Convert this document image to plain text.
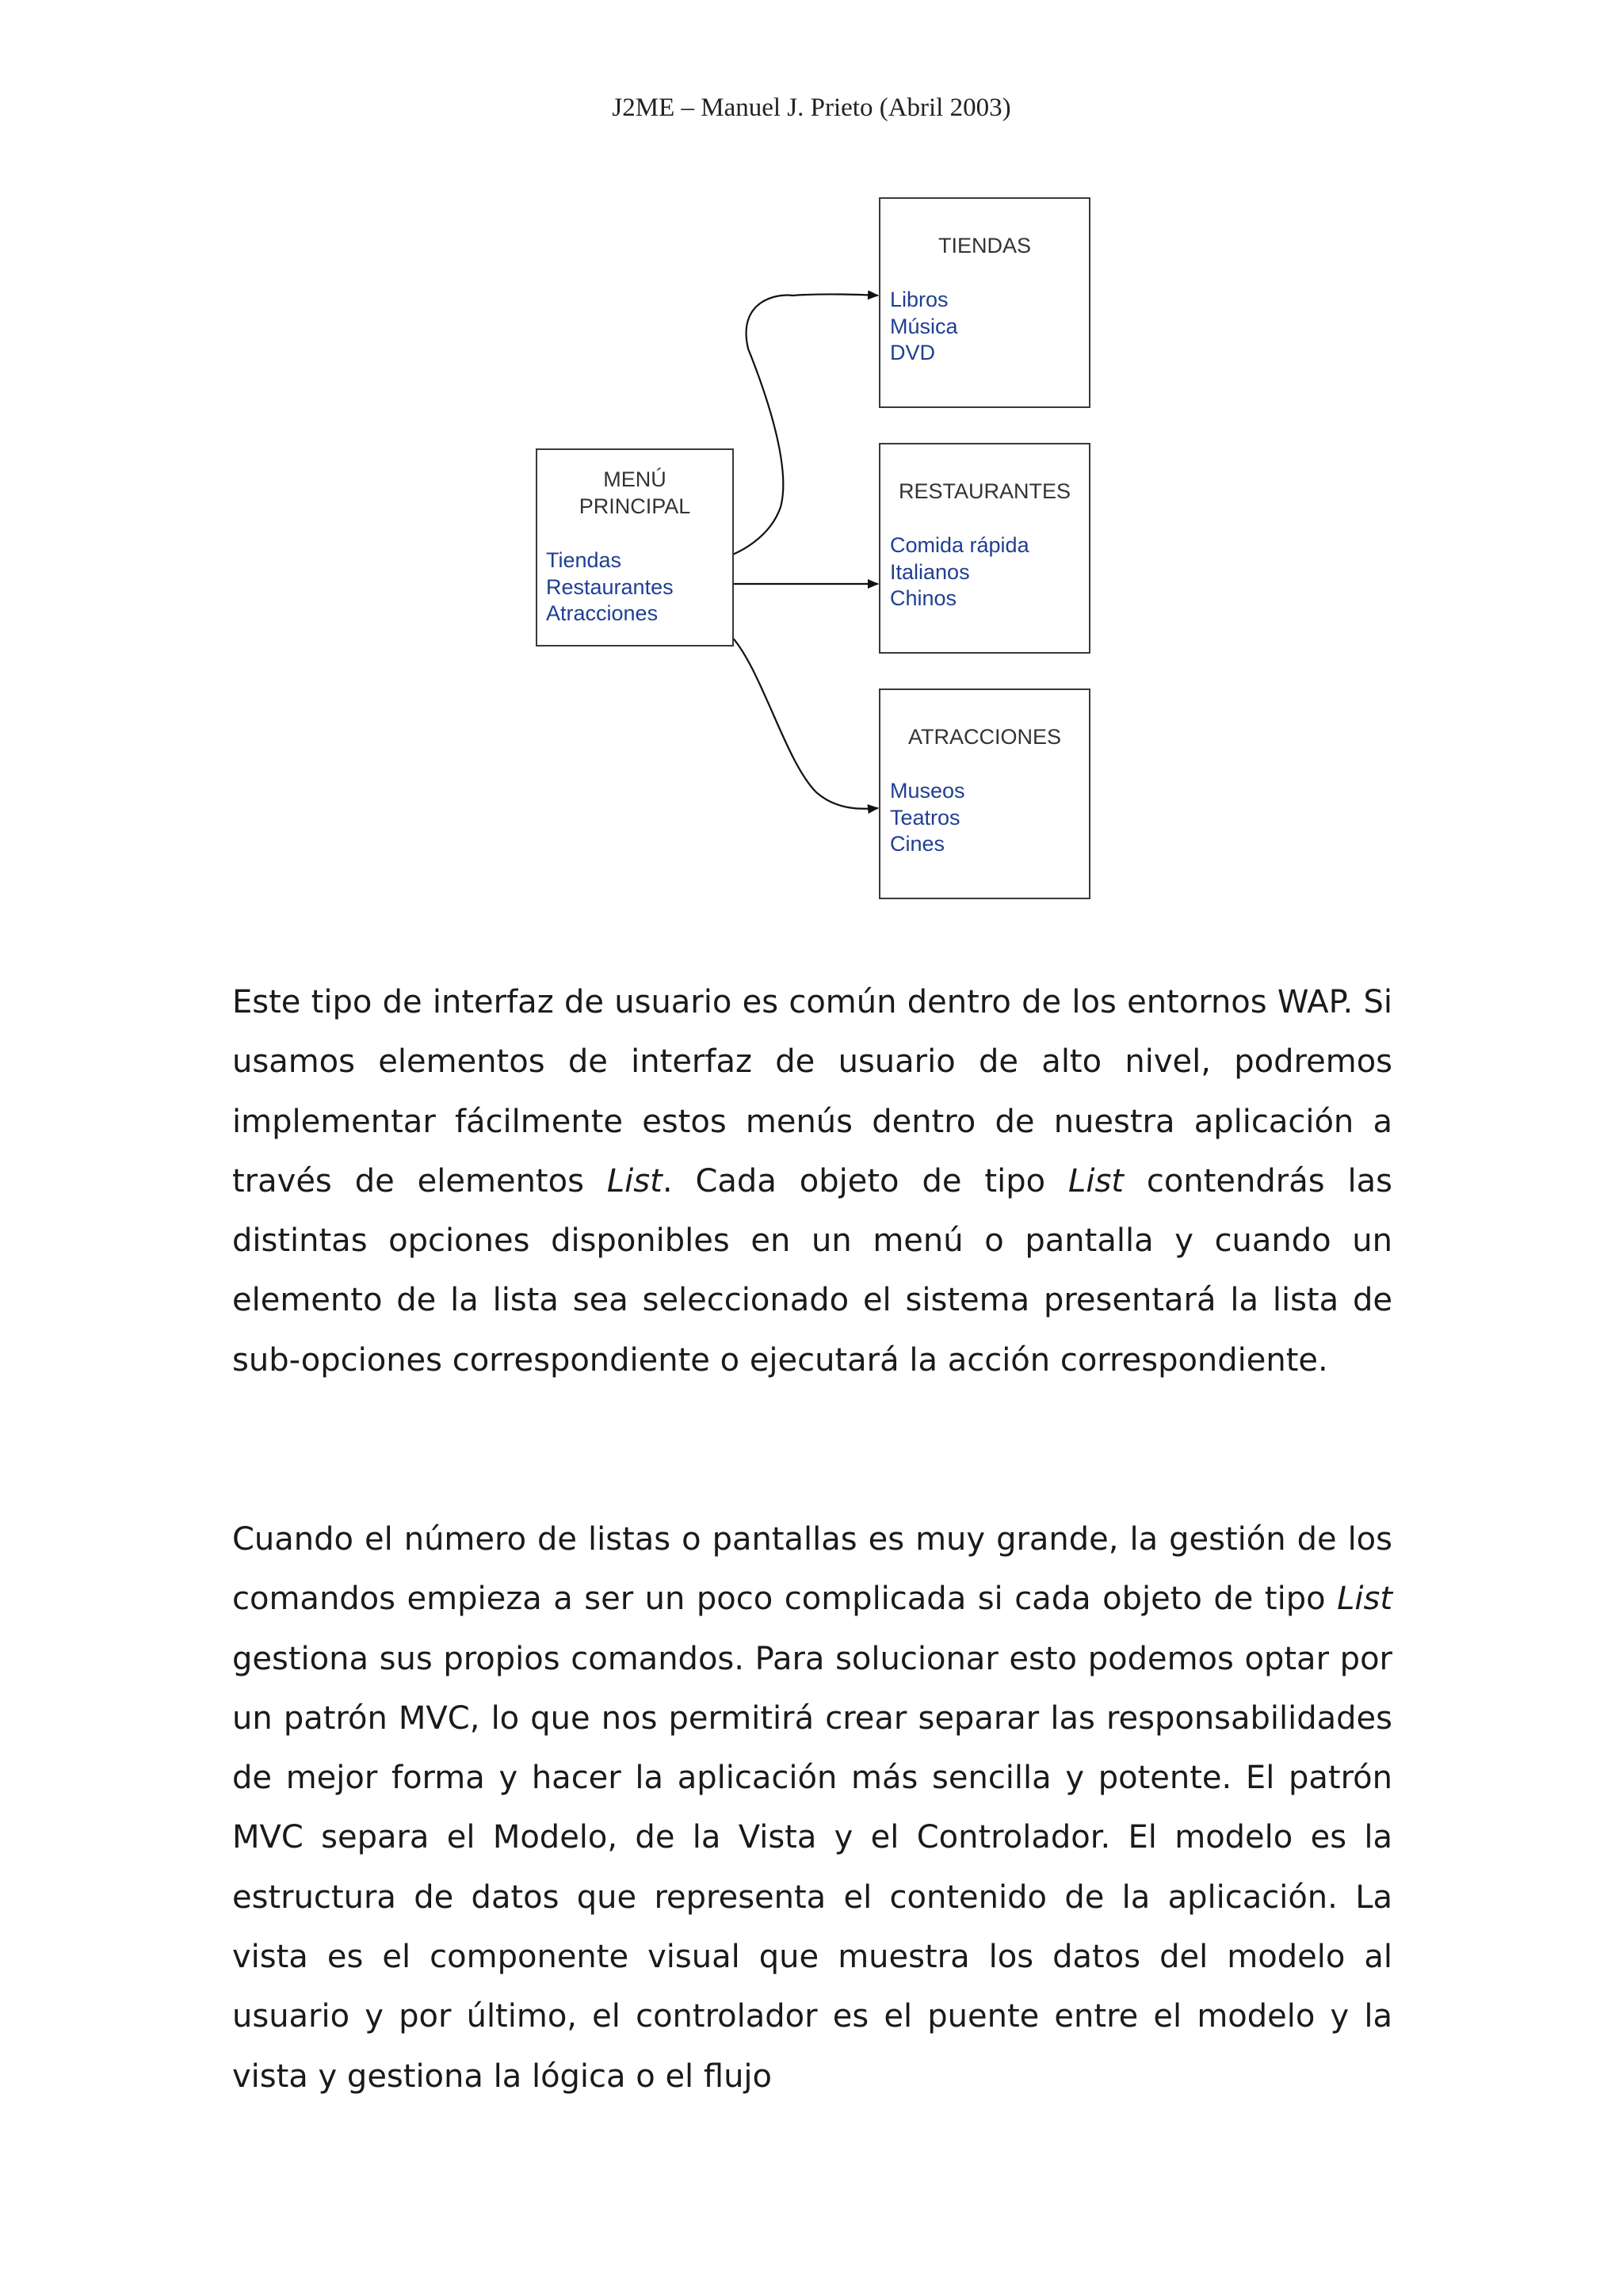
J2ME – Manuel J. Prieto (Abril 2003)
MENÚ
PRINCIPAL
Tiendas
Restaurantes
Atracciones
TIENDAS
Libros
Música
DVD
RESTAURANTES
Comida rápida
Italianos
Chinos
ATRACCIONES
Museos
Teatros
Cines

Este tipo de interfaz de usuario es común dentro de los entornos WAP. Si usamos elementos de interfaz de usuario de alto nivel, podremos implementar fácilmente estos menús dentro de nuestra aplicación a través de elementos List. Cada objeto de tipo List contendrás las distintas opciones disponibles en un menú o pantalla y cuando un elemento de la lista sea seleccionado el sistema presentará la lista de sub-opciones correspondiente o ejecutará la acción correspondiente.

Cuando el número de listas o pantallas es muy grande, la gestión de los comandos empieza a ser un poco complicada si cada objeto de tipo List gestiona sus propios comandos. Para solucionar esto podemos optar por un patrón MVC, lo que nos permitirá crear separar las responsabilidades de mejor forma y hacer la aplicación más sencilla y potente. El patrón MVC separa el Modelo, de la Vista y el Controlador. El modelo es la estructura de datos que representa el contenido de la aplicación. La vista es el componente visual que muestra los datos del modelo al usuario y por último, el controlador es el puente entre el modelo y la vista y gestiona la lógica o el flujo
